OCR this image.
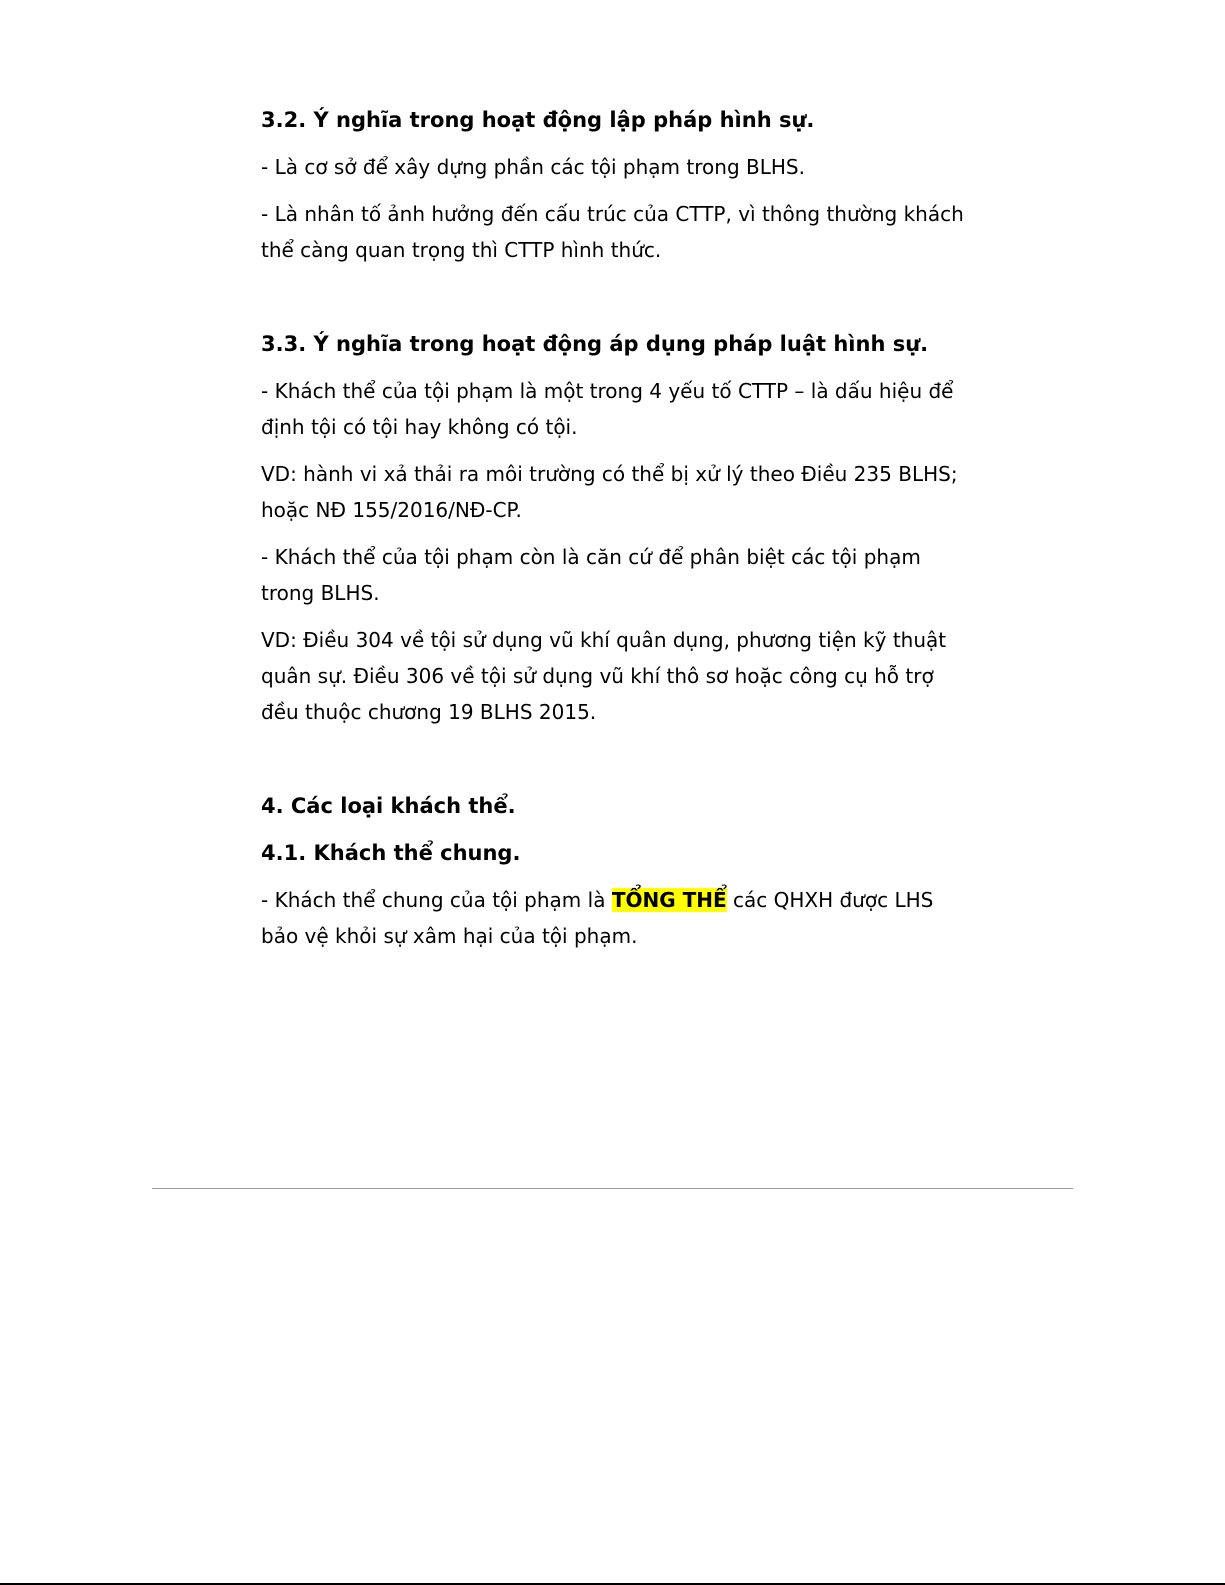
3.2. Ý nghĩa trong hoạt động lập pháp hình sự.
- Là cơ sở để xây dựng phần các tội phạm trong BLHS.
- Là nhân tố ảnh hưởng đến cấu trúc của CTTP, vì thông thường khách thể càng quan trọng thì CTTP hình thức.
3.3. Ý nghĩa trong hoạt động áp dụng pháp luật hình sự.
- Khách thể của tội phạm là một trong 4 yếu tố CTTP – là dấu hiệu để định tội có tội hay không có tội.
VD: hành vi xả thải ra môi trường có thể bị xử lý theo Điều 235 BLHS; hoặc NĐ 155/2016/NĐ-CP.
- Khách thể của tội phạm còn là căn cứ để phân biệt các tội phạm trong BLHS.
VD: Điều 304 về tội sử dụng vũ khí quân dụng, phương tiện kỹ thuật quân sự. Điều 306 về tội sử dụng vũ khí thô sơ hoặc công cụ hỗ trợ đều thuộc chương 19 BLHS 2015.
4. Các loại khách thể.
4.1. Khách thể chung.
- Khách thể chung của tội phạm là TỔNG THỂ các QHXH được LHS bảo vệ khỏi sự xâm hại của tội phạm.
